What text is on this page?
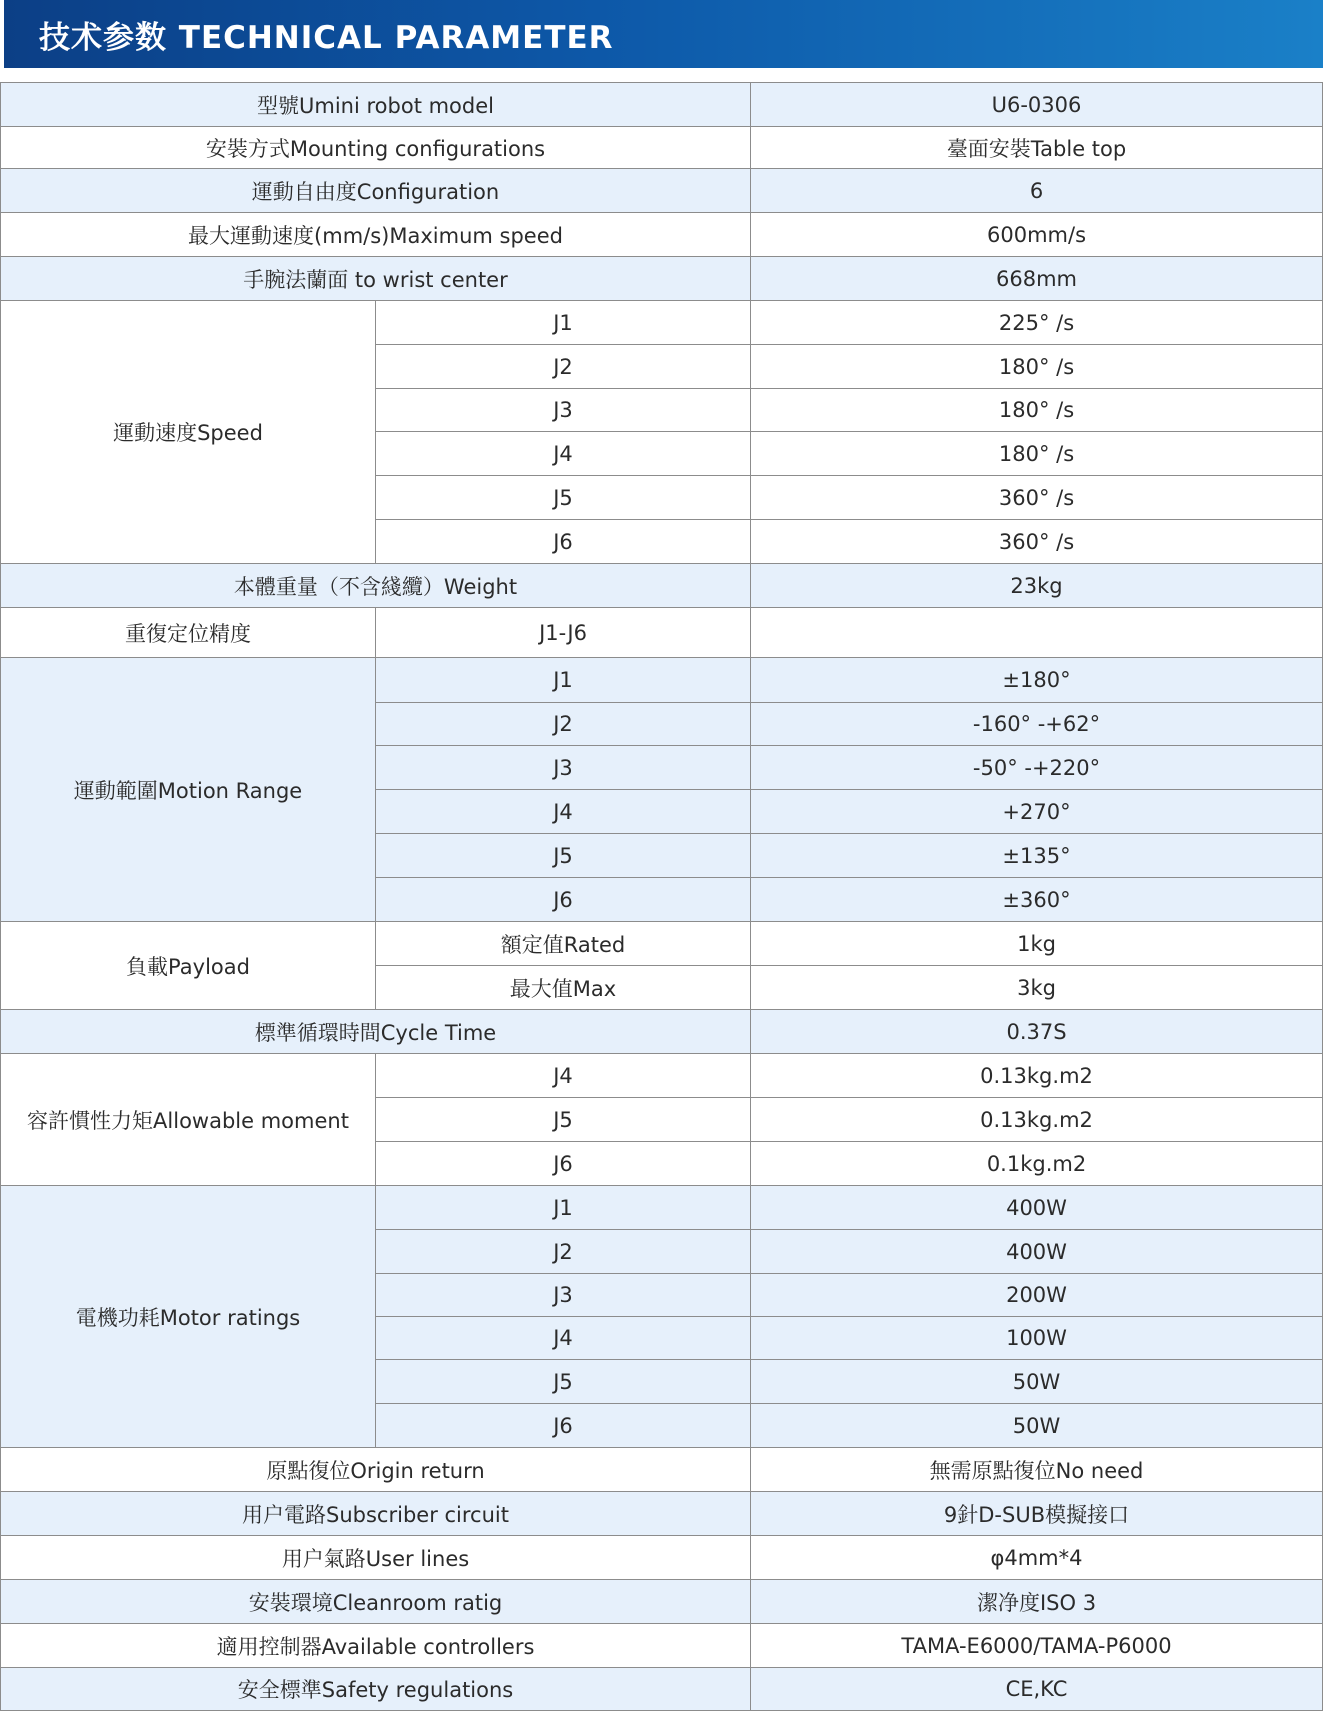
技术参数 TECHNICAL PARAMETER
型號Umini robot model		U6-0306
安裝方式Mounting configurations		臺面安裝Table top
運動自由度Configuration		6
最大運動速度(mm/s)Maximum speed		600mm/s
手腕法蘭面 to wrist center		668mm
運動速度Speed	J1	225° /s
	J2	180° /s
	J3	180° /s
	J4	180° /s
	J5	360° /s
	J6	360° /s
本體重量（不含綫纜）Weight		23kg
重復定位精度	J1-J6	
運動範圍Motion Range	J1	±180°
	J2	-160° -+62°
	J3	-50° -+220°
	J4	+270°
	J5	±135°
	J6	±360°
負載Payload	額定值Rated	1kg
	最大值Max	3kg
標準循環時間Cycle Time		0.37S
容許慣性力矩Allowable moment	J4	0.13kg.m2
	J5	0.13kg.m2
	J6	0.1kg.m2
電機功耗Motor ratings	J1	400W
	J2	400W
	J3	200W
	J4	100W
	J5	50W
	J6	50W
原點復位Origin return		無需原點復位No need
用户電路Subscriber circuit		9針D-SUB模擬接口
用户氣路User lines		φ4mm*4
安裝環境Cleanroom ratig		潔净度ISO 3
適用控制器Available controllers		TAMA-E6000/TAMA-P6000
安全標準Safety regulations		CE,KC
